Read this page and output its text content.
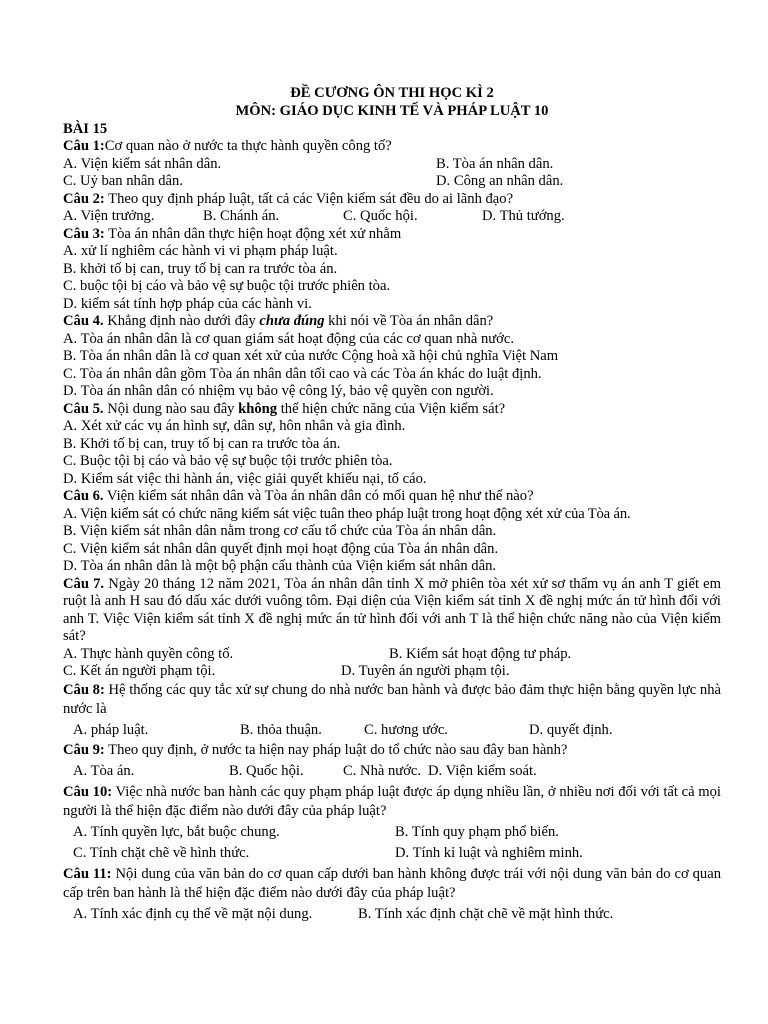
ĐỀ CƯƠNG ÔN THI HỌC KÌ 2
MÔN: GIÁO DỤC KINH TẾ VÀ PHÁP LUẬT 10
BÀI 15
Câu 1:Cơ quan nào ở nước ta thực hành quyền công tố?
A. Viện kiểm sát nhân dân.	B. Tòa án nhân dân.
C. Uỷ ban nhân dân.	D. Công an nhân dân.
Câu 2: Theo quy định pháp luật, tất cả các Viện kiểm sát đều do ai lãnh đạo?
A. Viện trưởng.	B. Chánh án.	C. Quốc hội.	D. Thủ tướng.
Câu 3: Tòa án nhân dân thực hiện hoạt động xét xử nhằm
A. xử lí nghiêm các hành vi vi phạm pháp luật.
B. khởi tố bị can, truy tố bị can ra trước tòa án.
C. buộc tội bị cáo và bảo vệ sự buộc tội trước phiên tòa.
D. kiểm sát tính hợp pháp của các hành vi.
Câu 4. Khẳng định nào dưới đây chưa đúng khi nói về Tòa án nhân dân?
A. Tòa án nhân dân là cơ quan giám sát hoạt động của các cơ quan nhà nước.
B. Tòa án nhân dân là cơ quan xét xử của nước Cộng hoà xã hội chủ nghĩa Việt Nam
C. Tòa án nhân dân gồm Tòa án nhân dân tối cao và các Tòa án khác do luật định.
D. Tòa án nhân dân có nhiệm vụ bảo vệ công lý, bảo vệ quyền con người.
Câu 5. Nội dung nào sau đây không thể hiện chức năng của Viện kiểm sát?
A. Xét xử các vụ án hình sự, dân sự, hôn nhân và gia đình.
B. Khởi tố bị can, truy tố bị can ra trước tòa án.
C. Buộc tội bị cáo và bảo vệ sự buộc tội trước phiên tòa.
D. Kiểm sát việc thi hành án, việc giải quyết khiếu nại, tố cáo.
Câu 6. Viện kiểm sát nhân dân và Tòa án nhân dân có mối quan hệ như thế nào?
A. Viện kiểm sát có chức năng kiểm sát việc tuân theo pháp luật trong hoạt động xét xử của Tòa án.
B. Viện kiểm sát nhân dân nằm trong cơ cấu tổ chức của Tòa án nhân dân.
C. Viện kiểm sát nhân dân quyết định mọi hoạt động của Tòa án nhân dân.
D. Tòa án nhân dân là một bộ phận cấu thành của Viện kiểm sát nhân dân.
Câu 7. Ngày 20 tháng 12 năm 2021, Tòa án nhân dân tỉnh X mở phiên tòa xét xử sơ thẩm vụ án anh T giết em ruột là anh H sau đó dấu xác dưới vuông tôm. Đại diện của Viện kiểm sát tỉnh X đề nghị mức án tử hình đối với anh T. Việc Viện kiểm sát tỉnh X đề nghị mức án tử hình đối với anh T là thể hiện chức năng nào của Viện kiểm sát?
A. Thực hành quyền công tố.	B. Kiểm sát hoạt động tư pháp.
C. Kết án người phạm tội.	D. Tuyên án người phạm tội.
Câu 8: Hệ thống các quy tắc xử sự chung do nhà nước ban hành và được bảo đảm thực hiện bằng quyền lực nhà nước là
A. pháp luật.	B. thỏa thuận.	C. hương ước.	D. quyết định.
Câu 9: Theo quy định, ở nước ta hiện nay pháp luật do tổ chức nào sau đây ban hành?
A. Tòa án.	B. Quốc hội.	C. Nhà nước. D. Viện kiểm soát.
Câu 10: Việc nhà nước ban hành các quy phạm pháp luật được áp dụng nhiều lần, ở nhiều nơi đối với tất cả mọi người là thể hiện đặc điểm nào dưới đây của pháp luật?
A. Tính quyền lực, bắt buộc chung.	B. Tính quy phạm phổ biến.
C. Tính chặt chẽ về hình thức.	D. Tính kỉ luật và nghiêm minh.
Câu 11: Nội dung của văn bản do cơ quan cấp dưới ban hành không được trái với nội dung văn bản do cơ quan cấp trên ban hành là thể hiện đặc điểm nào dưới đây của pháp luật?
A. Tính xác định cụ thể về mặt nội dung.	B. Tính xác định chặt chẽ về mặt hình thức.
